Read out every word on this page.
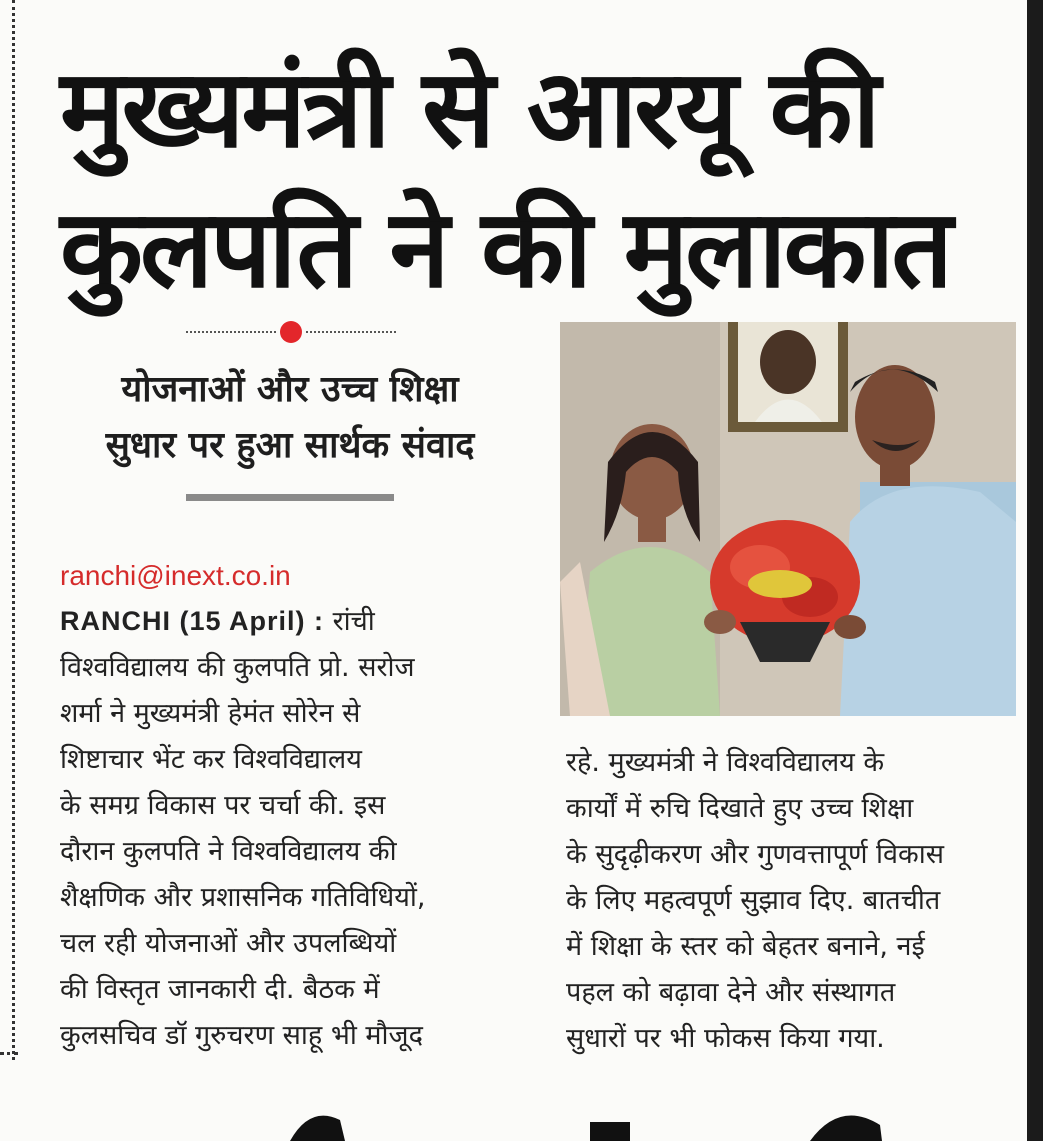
मुख्यमंत्री से आरयू की
कुलपति ने की मुलाकात
योजनाओं और उच्च शिक्षा
सुधार पर हुआ सार्थक संवाद
ranchi@inext.co.in
RANCHI (15 April) : रांची
विश्वविद्यालय की कुलपति प्रो. सरोज
शर्मा ने मुख्यमंत्री हेमंत सोरेन से
शिष्टाचार भेंट कर विश्वविद्यालय
के समग्र विकास पर चर्चा की. इस
दौरान कुलपति ने विश्वविद्यालय की
शैक्षणिक और प्रशासनिक गतिविधियों,
चल रही योजनाओं और उपलब्धियों
की विस्तृत जानकारी दी. बैठक में
कुलसचिव डॉ गुरुचरण साहू भी मौजूद
रहे. मुख्यमंत्री ने विश्वविद्यालय के
कार्यों में रुचि दिखाते हुए उच्च शिक्षा
के सुदृढ़ीकरण और गुणवत्तापूर्ण विकास
के लिए महत्वपूर्ण सुझाव दिए. बातचीत
में शिक्षा के स्तर को बेहतर बनाने, नई
पहल को बढ़ावा देने और संस्थागत
सुधारों पर भी फोकस किया गया.
